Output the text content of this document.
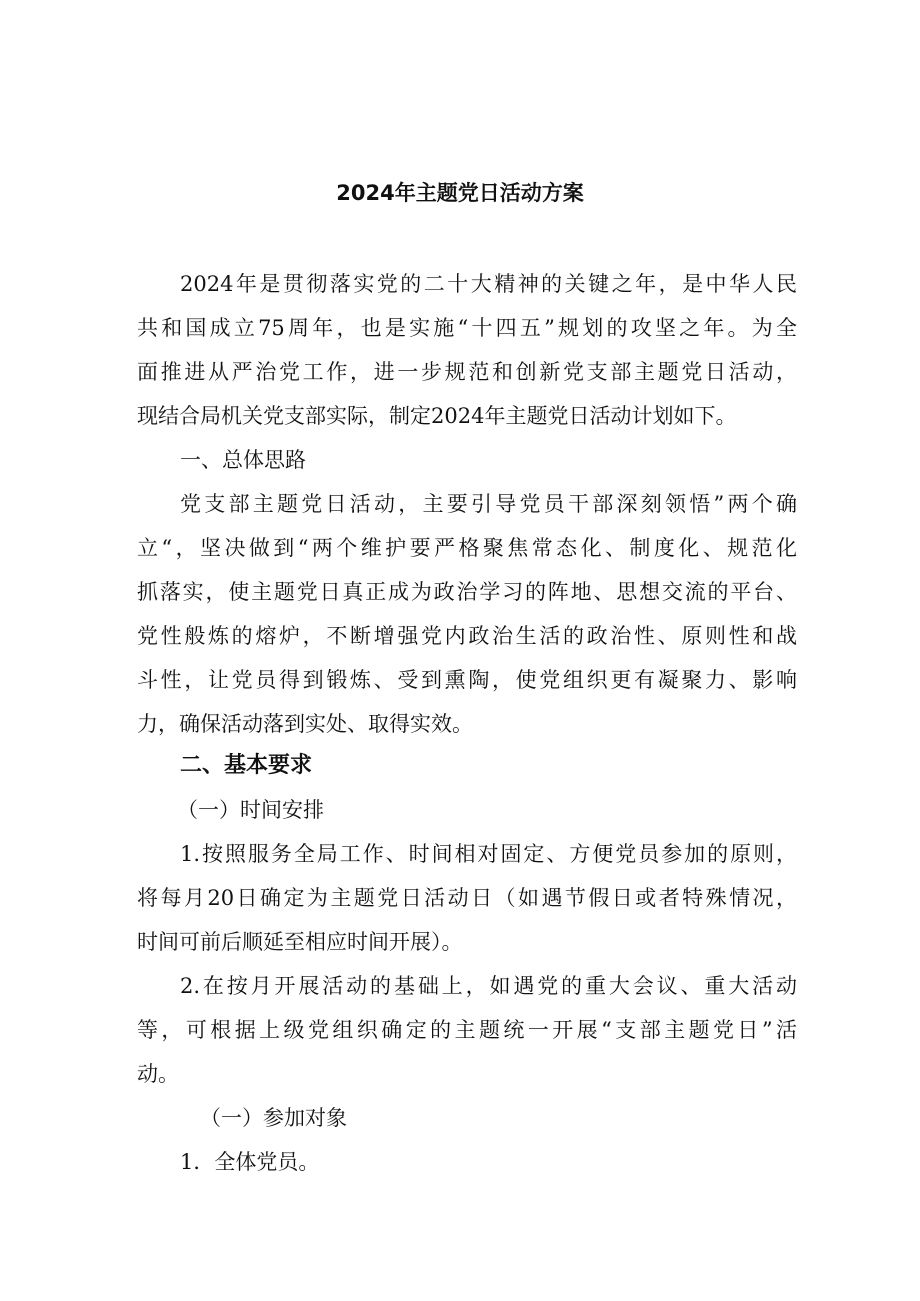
2024年主题党日活动方案
2024年是贯彻落实党的二十大精神的关键之年，是中华人民
共和国成立75周年，也是实施“十四五”规划的攻坚之年。为全
面推进从严治党工作，进一步规范和创新党支部主题党日活动，
现结合局机关党支部实际，制定2024年主题党日活动计划如下。
一、总体思路
党支部主题党日活动，主要引导党员干部深刻领悟”两个确
立“，坚决做到“两个维护要严格聚焦常态化、制度化、规范化
抓落实，使主题党日真正成为政治学习的阵地、思想交流的平台、
党性般炼的熔炉，不断增强党内政治生活的政治性、原则性和战
斗性，让党员得到锻炼、受到熏陶，使党组织更有凝聚力、影响
力，确保活动落到实处、取得实效。
二、基本要求
（一）时间安排
1.按照服务全局工作、时间相对固定、方便党员参加的原则，
将每月20日确定为主题党日活动日（如遇节假日或者特殊情况，
时间可前后顺延至相应时间开展）。
2.在按月开展活动的基础上，如遇党的重大会议、重大活动
等，可根据上级党组织确定的主题统一开展“支部主题党日”活
动。
（一）参加对象
1．全体党员。
